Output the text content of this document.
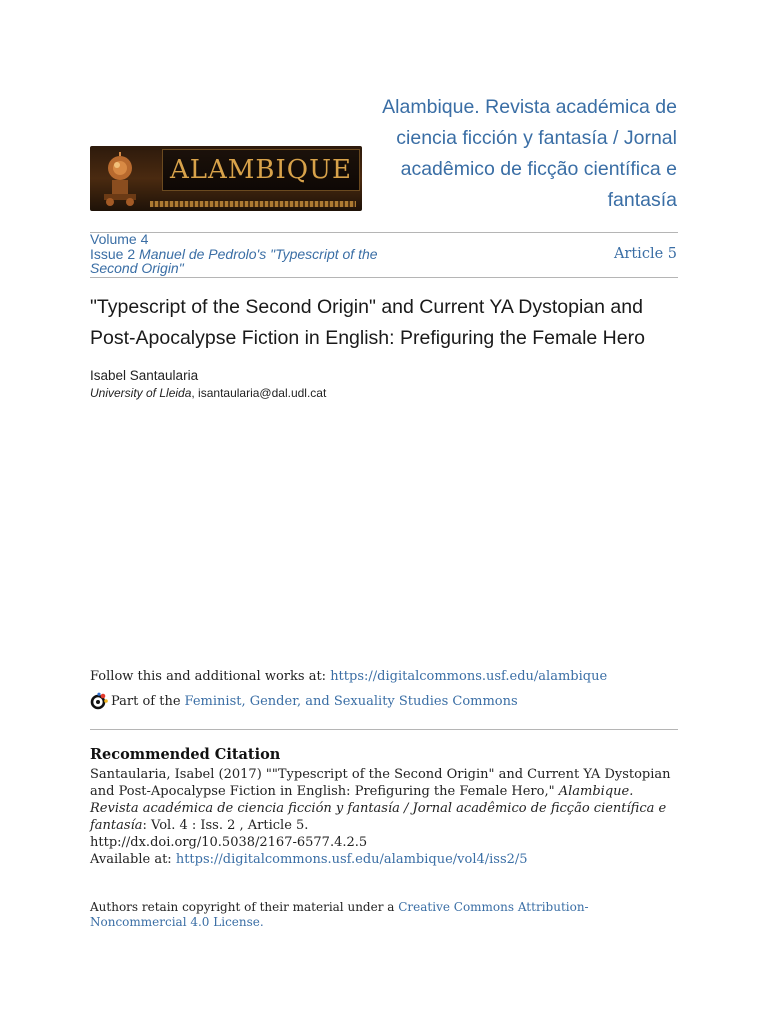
ALAMBIQUE
Alambique. Revista académica de ciencia ficción y fantasía / Jornal acadêmico de ficção científica e fantasía
Volume 4
Issue 2 Manuel de Pedrolo's "Typescript of the Second Origin"
Article 5
"Typescript of the Second Origin" and Current YA Dystopian and Post-Apocalypse Fiction in English: Prefiguring the Female Hero
Isabel Santaularia
University of Lleida, isantaularia@dal.udl.cat
Follow this and additional works at: https://digitalcommons.usf.edu/alambique
Part of the Feminist, Gender, and Sexuality Studies Commons
Recommended Citation
Santaularia, Isabel (2017) ""Typescript of the Second Origin" and Current YA Dystopian and Post-Apocalypse Fiction in English: Prefiguring the Female Hero," Alambique. Revista académica de ciencia ficción y fantasía / Jornal acadêmico de ficção científica e fantasía: Vol. 4 : Iss. 2 , Article 5.
http://dx.doi.org/10.5038/2167-6577.4.2.5
Available at: https://digitalcommons.usf.edu/alambique/vol4/iss2/5
Authors retain copyright of their material under a Creative Commons Attribution-Noncommercial 4.0 License.
